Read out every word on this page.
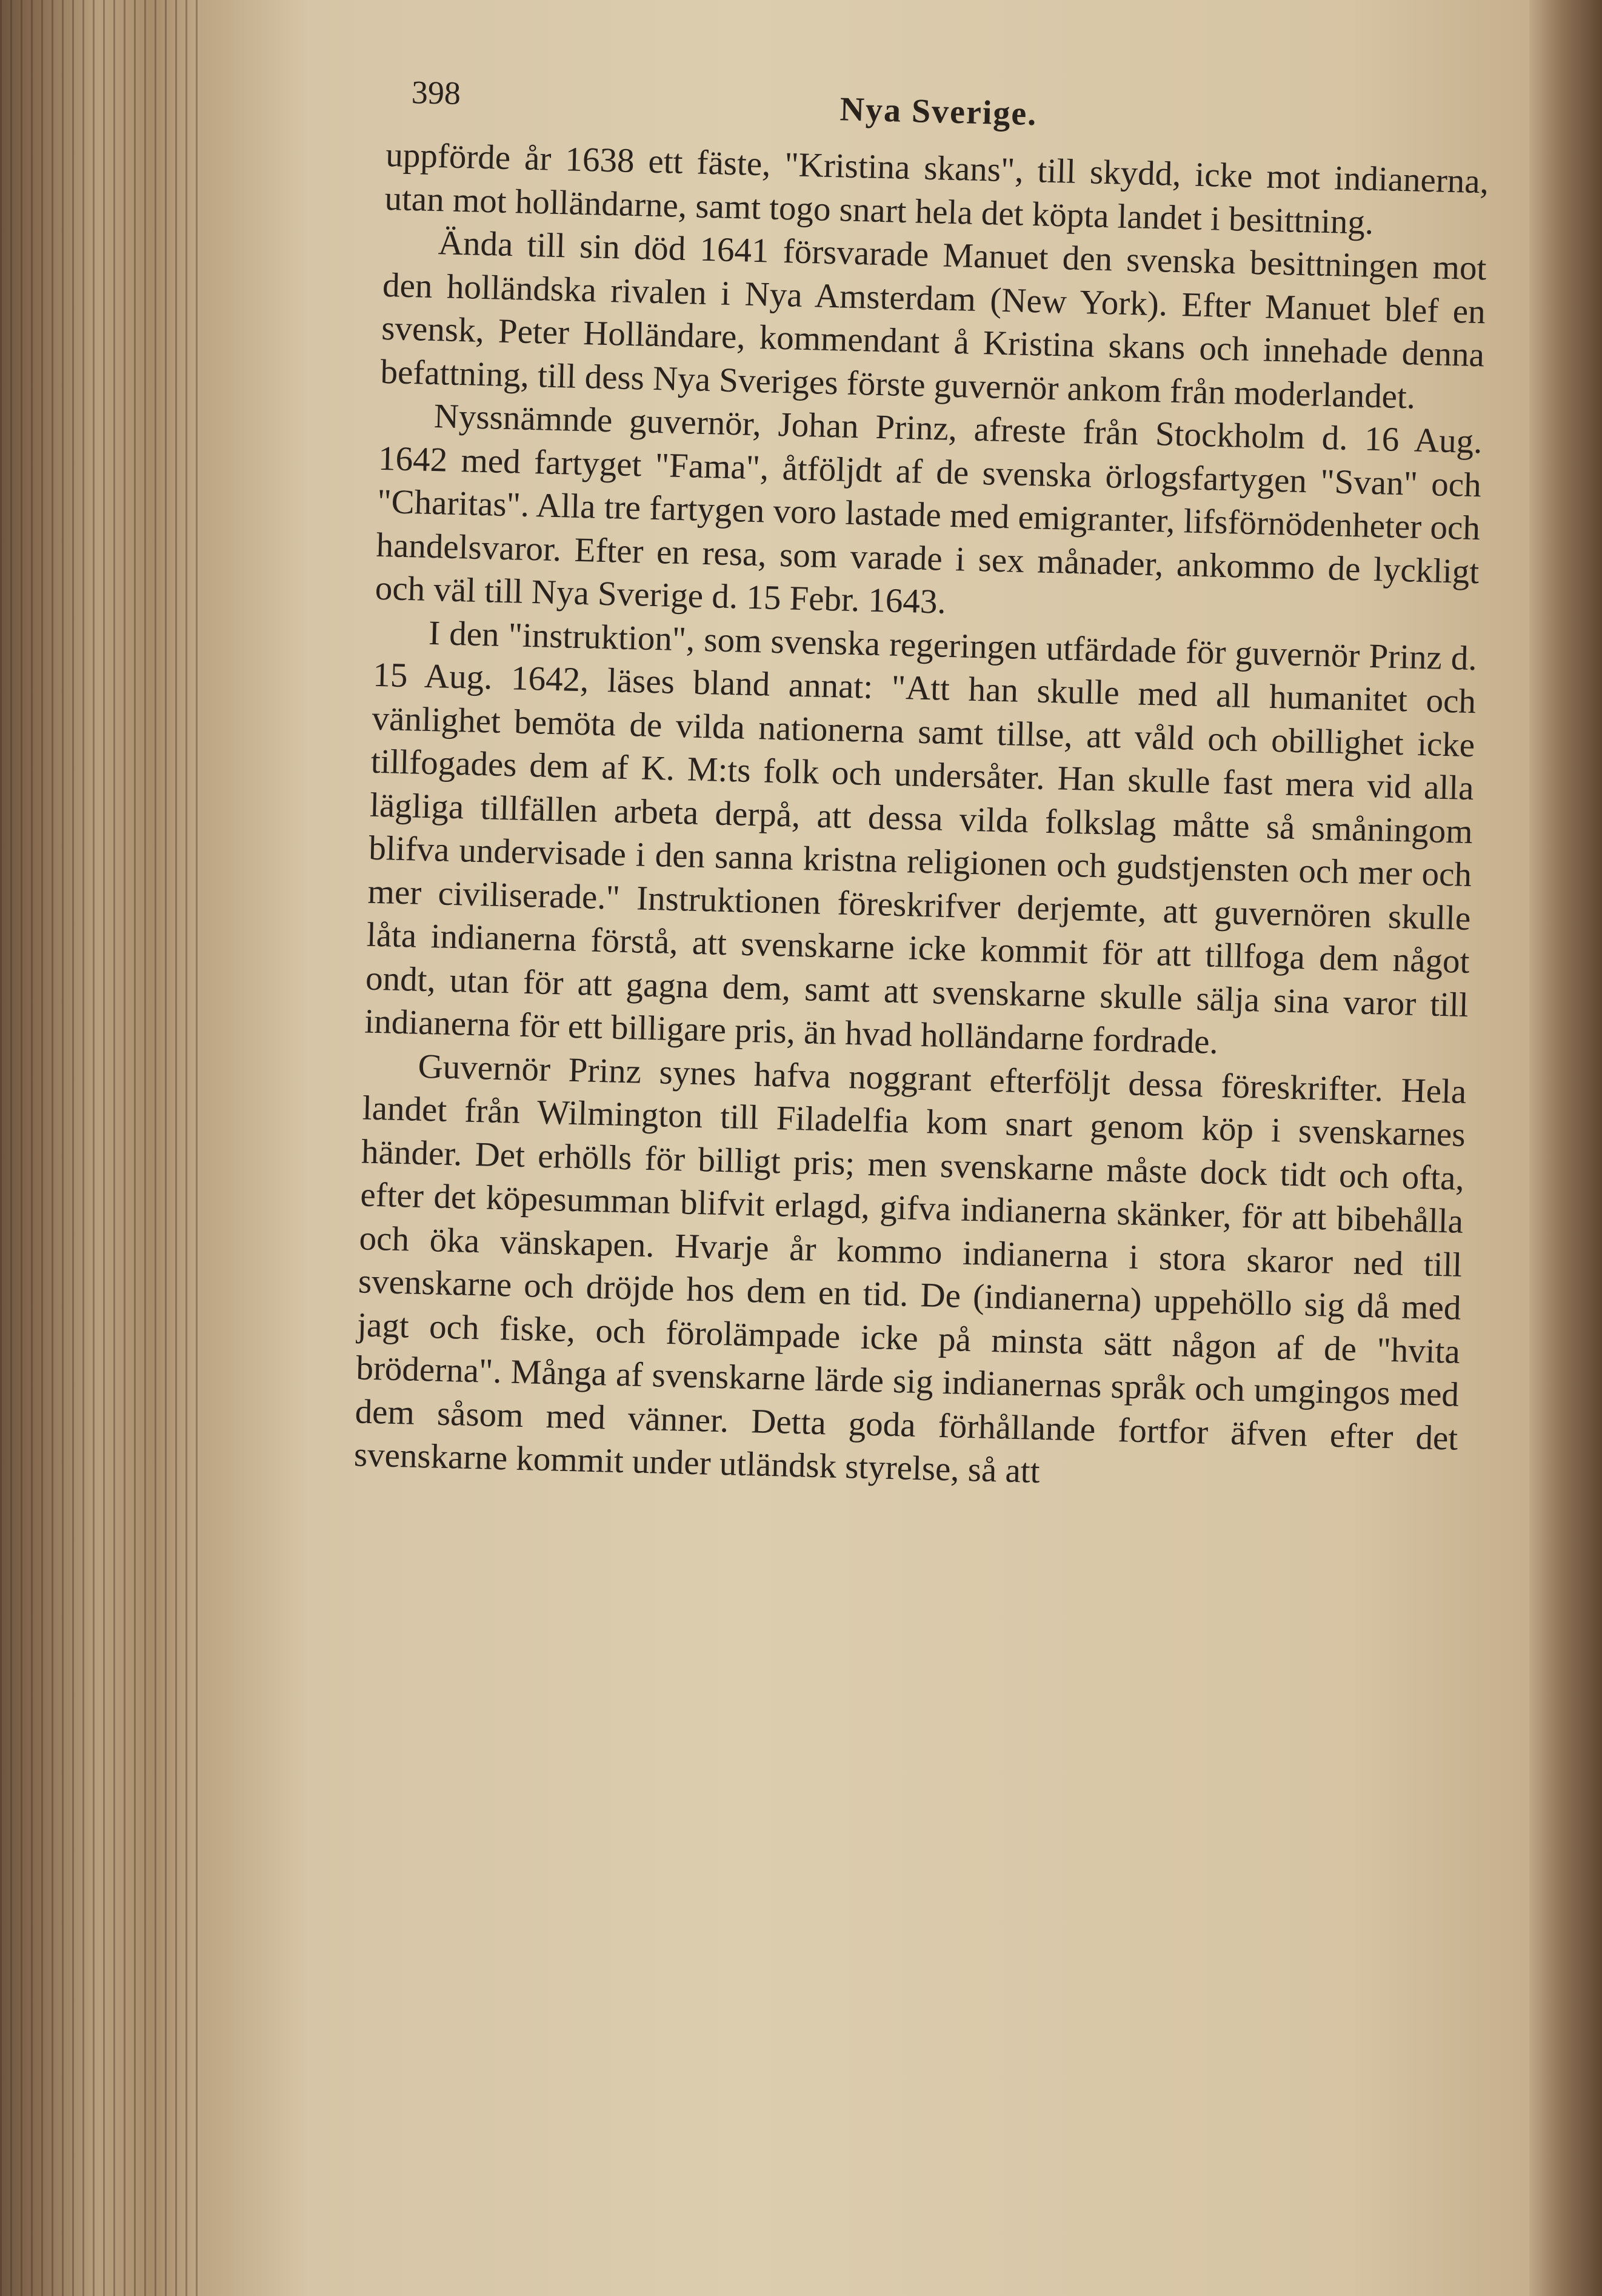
398	Nya Sverige.

uppförde år 1638 ett fäste, "Kristina skans", till skydd, icke mot indianerna, utan mot holländarne, samt togo snart hela det köpta landet i besittning.

Ända till sin död 1641 försvarade Manuet den svenska besittningen mot den holländska rivalen i Nya Amsterdam (New York). Efter Manuet blef en svensk, Peter Holländare, kommendant å Kristina skans och innehade denna befattning, till dess Nya Sveriges förste guvernör ankom från moderlandet.

Nyssnämnde guvernör, Johan Prinz, afreste från Stockholm d. 16 Aug. 1642 med fartyget "Fama", åtföljdt af de svenska örlogsfartygen "Svan" och "Charitas". Alla tre fartygen voro lastade med emigranter, lifsförnödenheter och handelsvaror. Efter en resa, som varade i sex månader, ankommo de lyckligt och väl till Nya Sverige d. 15 Febr. 1643.

I den "instruktion", som svenska regeringen utfärdade för guvernör Prinz d. 15 Aug. 1642, läses bland annat: "Att han skulle med all humanitet och vänlighet bemöta de vilda nationerna samt tillse, att våld och obillighet icke tillfogades dem af K. M:ts folk och undersåter. Han skulle fast mera vid alla lägliga tillfällen arbeta derpå, att dessa vilda folkslag måtte så småningom blifva undervisade i den sanna kristna religionen och gudstjensten och mer och mer civiliserade." Instruktionen föreskrifver derjemte, att guvernören skulle låta indianerna förstå, att svenskarne icke kommit för att tillfoga dem något ondt, utan för att gagna dem, samt att svenskarne skulle sälja sina varor till indianerna för ett billigare pris, än hvad holländarne fordrade.

Guvernör Prinz synes hafva noggrant efterföljt dessa föreskrifter. Hela landet från Wilmington till Filadelfia kom snart genom köp i svenskarnes händer. Det erhölls för billigt pris; men svenskarne måste dock tidt och ofta, efter det köpesumman blifvit erlagd, gifva indianerna skänker, för att bibehålla och öka vänskapen. Hvarje år kommo indianerna i stora skaror ned till svenskarne och dröjde hos dem en tid. De (indianerna) uppehöllo sig då med jagt och fiske, och förolämpade icke på minsta sätt någon af de "hvita bröderna". Många af svenskarne lärde sig indianernas språk och umgingos med dem såsom med vänner. Detta goda förhållande fortfor äfven efter det svenskarne kommit under utländsk styrelse, så att
